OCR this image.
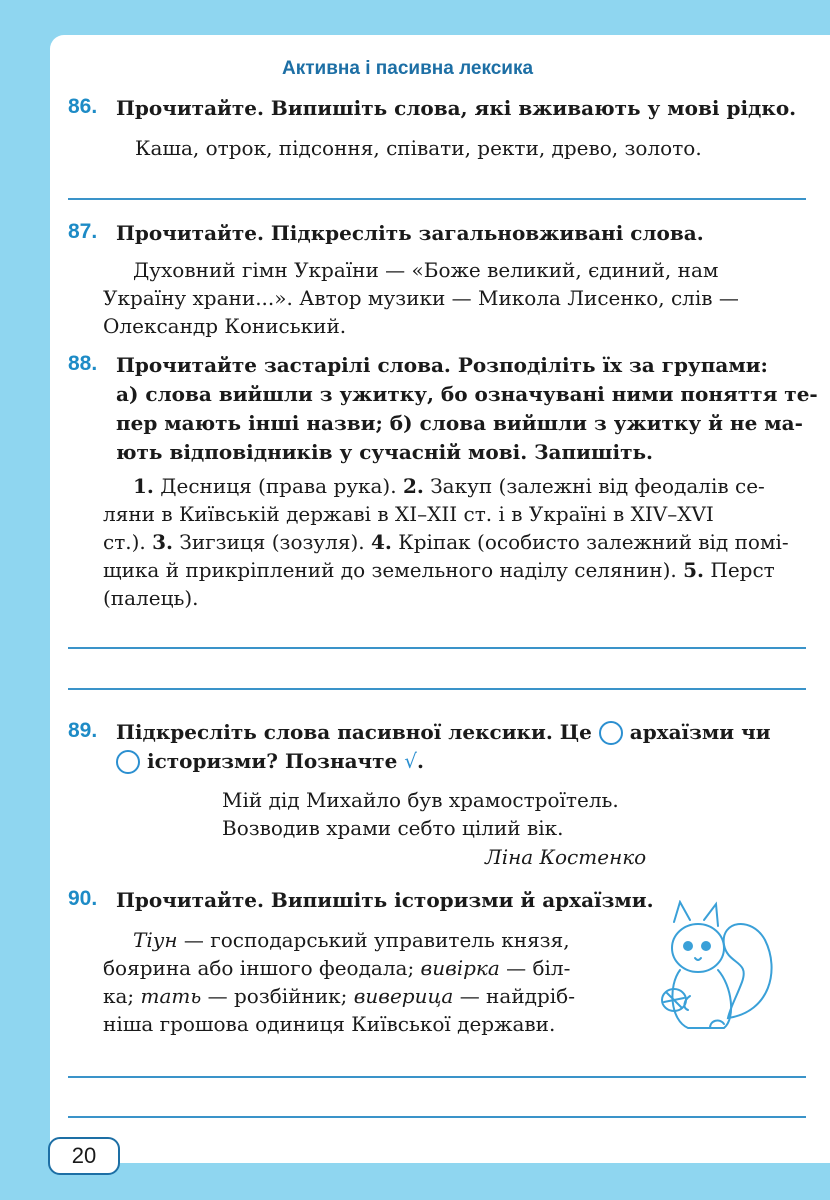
Активна і пасивна лексика
86. Прочитайте. Випишіть слова, які вживають у мові рідко.
Каша, отрок, підсоння, співати, ректи, древо, золото.
87. Прочитайте. Підкресліть загальновживані слова.
Духовний гімн України — «Боже великий, єдиний, нам
Україну храни...». Автор музики — Микола Лисенко, слів —
Олександр Кониський.
88. Прочитайте застарілі слова. Розподіліть їх за групами:
а) слова вийшли з ужитку, бо означувані ними поняття те-
пер мають інші назви; б) слова вийшли з ужитку й не ма-
ють відповідників у сучасній мові. Запишіть.
1. Десниця (права рука). 2. Закуп (залежні від феодалів се-
ляни в Київській державі в XI–XII ст. і в Україні в XIV–XVI
ст.). 3. Зигзиця (зозуля). 4. Кріпак (особисто залежний від помі-
щика й прикріплений до земельного наділу селянин). 5. Перст
(палець).
89. Підкресліть слова пасивної лексики. Це архаїзми чи
історизми? Позначте √.
Мій дід Михайло був храмостроїтель.
Возводив храми себто цілий вік.
Ліна Костенко
90. Прочитайте. Випишіть історизми й архаїзми.
Тіун — господарський управитель князя,
боярина або іншого феодала; вивірка — біл-
ка; тать — розбійник; виверица — найдріб-
ніша грошова одиниця Київської держави.
20
